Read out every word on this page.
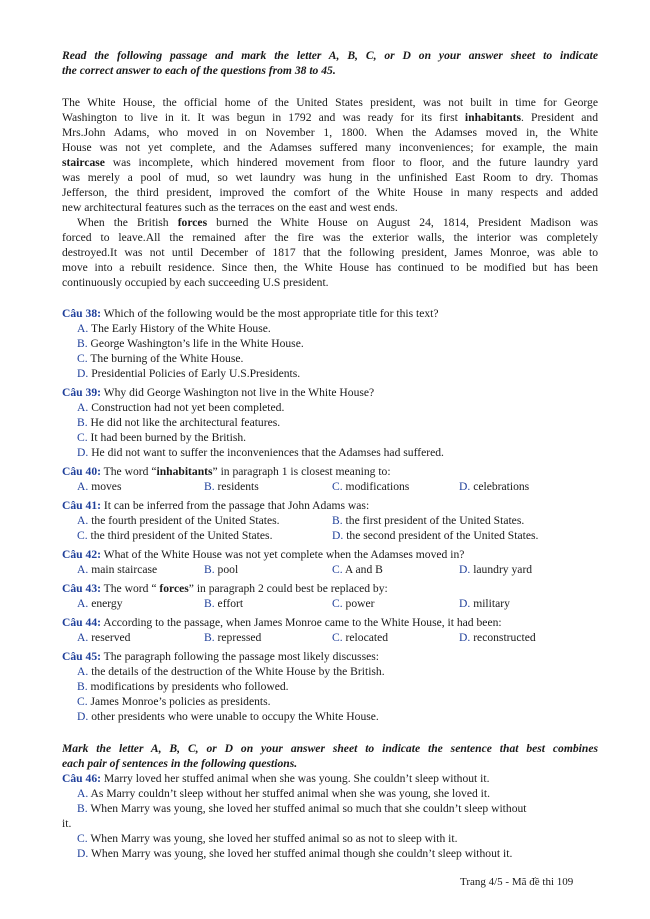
Read the following passage and mark the letter A, B, C, or D on your answer sheet to indicate
the correct answer to each of the questions from 38 to 45.
The White House, the official home of the United States president, was not built in time for George
Washington to live in it. It was begun in 1792 and was ready for its first inhabitants. President and
Mrs.John Adams, who moved in on November 1, 1800. When the Adamses moved in, the White
House was not yet complete, and the Adamses suffered many inconveniences; for example, the main
staircase was incomplete, which hindered movement from floor to floor, and the future laundry yard
was merely a pool of mud, so wet laundry was hung in the unfinished East Room to dry. Thomas
Jefferson, the third president, improved the comfort of the White House in many respects and added
new architectural features such as the terraces on the east and west ends.
When the British forces burned the White House on August 24, 1814, President Madison was
forced to leave.All the remained after the fire was the exterior walls, the interior was completely
destroyed.It was not until December of 1817 that the following president, James Monroe, was able to
move into a rebuilt residence. Since then, the White House has continued to be modified but has been
continuously occupied by each succeeding U.S president.
Câu 38: Which of the following would be the most appropriate title for this text?
A. The Early History of the White House.
B. George Washington’s life in the White House.
C. The burning of the White House.
D. Presidential Policies of Early U.S.Presidents.
Câu 39: Why did George Washington not live in the White House?
A. Construction had not yet been completed.
B. He did not like the architectural features.
C. It had been burned by the British.
D. He did not want to suffer the inconveniences that the Adamses had suffered.
Câu 40: The word “inhabitants” in paragraph 1 is closest meaning to:
A. moves	B. residents	C. modifications	D. celebrations
Câu 41: It can be inferred from the passage that John Adams was:
A. the fourth president of the United States.	B. the first president of the United States.
C. the third president of the United States.	D. the second president of the United States.
Câu 42: What of the White House was not yet complete when the Adamses moved in?
A. main staircase	B. pool	C. A and B	D. laundry yard
Câu 43: The word “ forces” in paragraph 2 could best be replaced by:
A. energy	B. effort	C. power	D. military
Câu 44: According to the passage, when James Monroe came to the White House, it had been:
A. reserved	B. repressed	C. relocated	D. reconstructed
Câu 45: The paragraph following the passage most likely discusses:
A. the details of the destruction of the White House by the British.
B. modifications by presidents who followed.
C. James Monroe’s policies as presidents.
D. other presidents who were unable to occupy the White House.
Mark the letter A, B, C, or D on your answer sheet to indicate the sentence that best combines
each pair of sentences in the following questions.
Câu 46: Marry loved her stuffed animal when she was young. She couldn’t sleep without it.
A. As Marry couldn’t sleep without her stuffed animal when she was young, she loved it.
B. When Marry was young, she loved her stuffed animal so much that she couldn’t sleep without
it.
C. When Marry was young, she loved her stuffed animal so as not to sleep with it.
D. When Marry was young, she loved her stuffed animal though she couldn’t sleep without it.
Trang 4/5 - Mã đề thi 109
